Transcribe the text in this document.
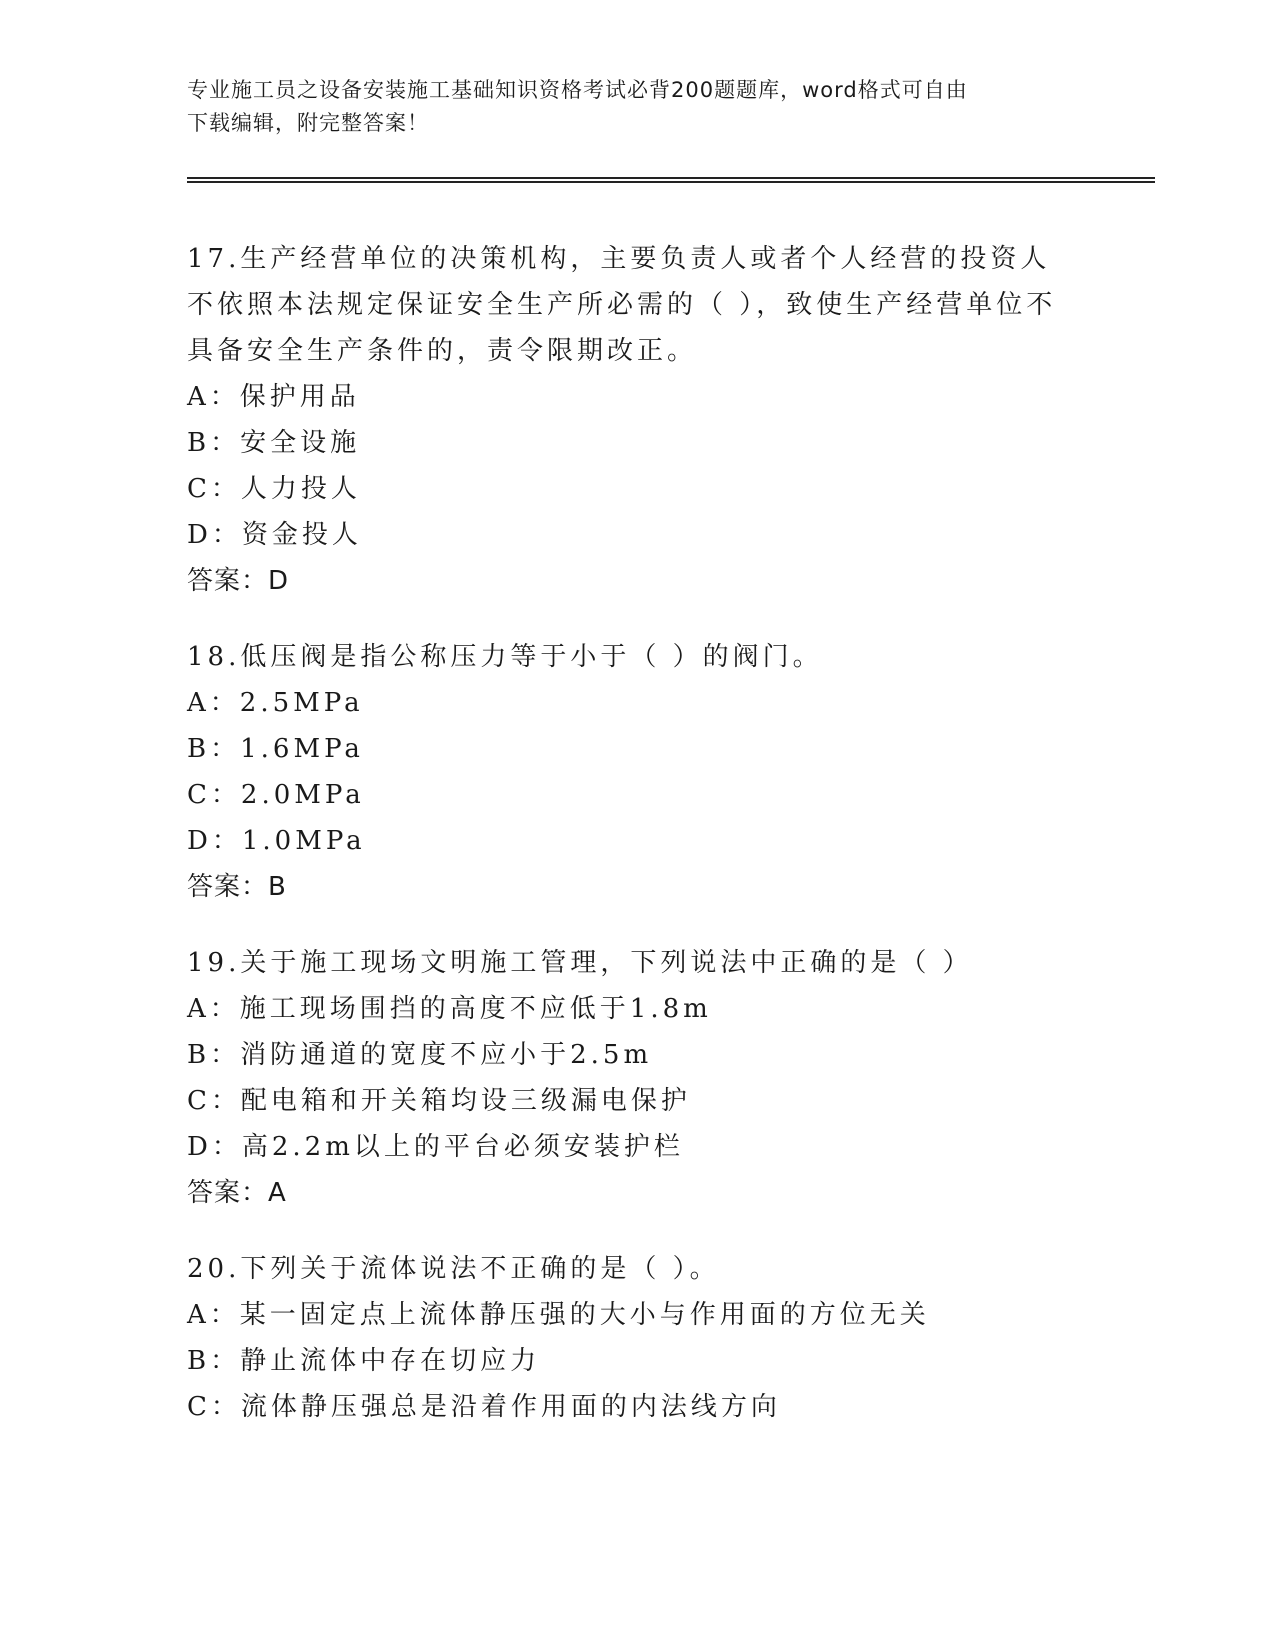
专业施工员之设备安装施工基础知识资格考试必背200题题库，word格式可自由
下载编辑，附完整答案！
17.生产经营单位的决策机构，主要负责人或者个人经营的投资人不依照本法规定保证安全生产所必需的（ ），致使生产经营单位不具备安全生产条件的，责令限期改正。
A：保护用品
B：安全设施
C：人力投人
D：资金投人
答案：D
18.低压阀是指公称压力等于小于（ ）的阀门。
A：2.5MPa
B：1.6MPa
C：2.0MPa
D：1.0MPa
答案：B
19.关于施工现场文明施工管理，下列说法中正确的是（ ）
A：施工现场围挡的高度不应低于1.8m
B：消防通道的宽度不应小于2.5m
C：配电箱和开关箱均设三级漏电保护
D：高2.2m以上的平台必须安装护栏
答案：A
20.下列关于流体说法不正确的是（ ）。
A：某一固定点上流体静压强的大小与作用面的方位无关
B：静止流体中存在切应力
C：流体静压强总是沿着作用面的内法线方向
